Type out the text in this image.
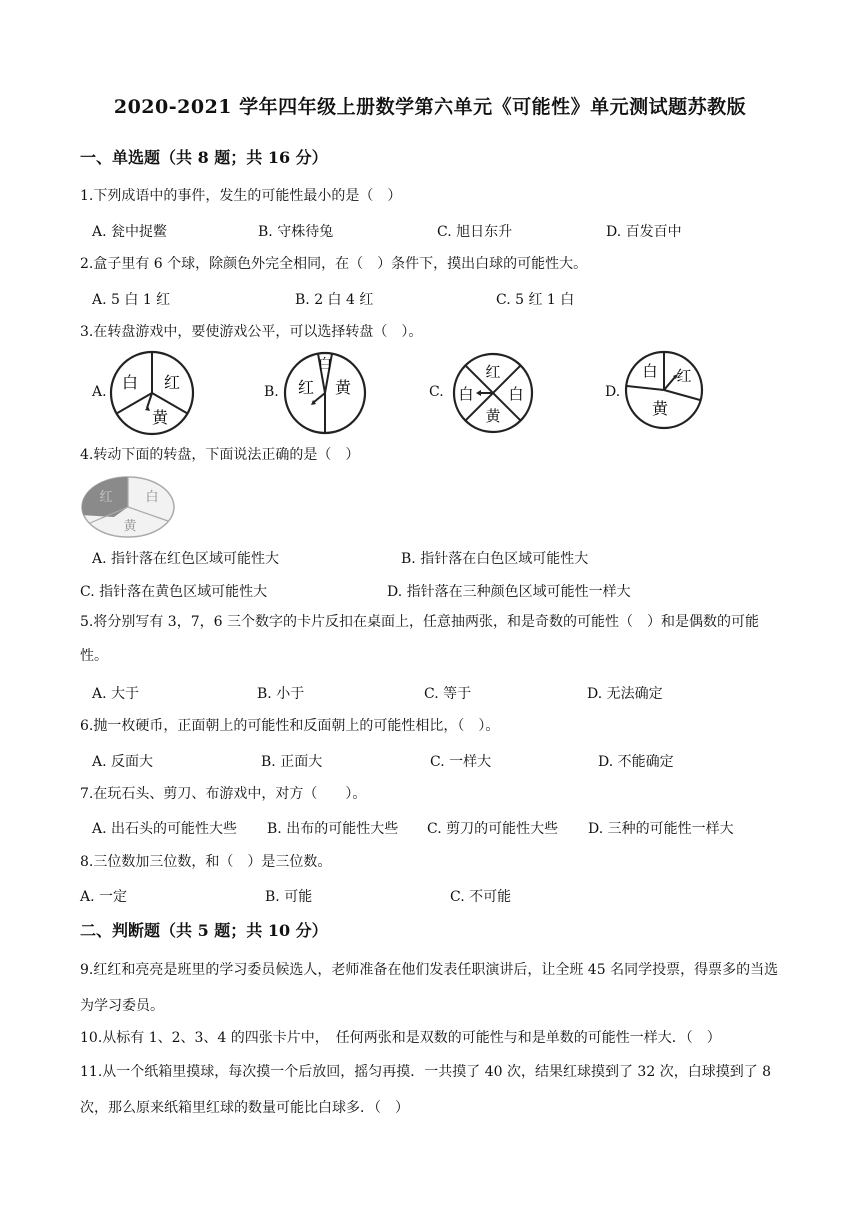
2020-2021 学年四年级上册数学第六单元《可能性》单元测试题苏教版
一、单选题（共 8 题；共 16 分）
1.下列成语中的事件，发生的可能性最小的是（　）
A. 瓮中捉鳖	B. 守株待兔	C. 旭日东升	D. 百发百中
2.盒子里有 6 个球，除颜色外完全相同，在（　）条件下，摸出白球的可能性大。
A. 5 白 1 红	B. 2 白 4 红	C. 5 红 1 白
3.在转盘游戏中，要使游戏公平，可以选择转盘（　）。
A.	B.	C.	D.
白 红
黄
白
红 黄
红
白 白
黄
白 红
黄
4.转动下面的转盘，下面说法正确的是（　）
红	白
黄
A. 指针落在红色区域可能性大	B. 指针落在白色区域可能性大
C. 指针落在黄色区域可能性大	D. 指针落在三种颜色区域可能性一样大
5.将分别写有 3，7，6 三个数字的卡片反扣在桌面上，任意抽两张，和是奇数的可能性（　）和是偶数的可能性。
A. 大于	B. 小于	C. 等于	D. 无法确定
6.抛一枚硬币，正面朝上的可能性和反面朝上的可能性相比，（　）。
A. 反面大	B. 正面大	C. 一样大	D. 不能确定
7.在玩石头、剪刀、布游戏中，对方（　　）。
A. 出石头的可能性大些 B. 出布的可能性大些 C. 剪刀的可能性大些 D. 三种的可能性一样大
8.三位数加三位数，和（　）是三位数。
A. 一定	B. 可能	C. 不可能
二、判断题（共 5 题；共 10 分）
9.红红和亮亮是班里的学习委员候选人，老师准备在他们发表任职演讲后，让全班 45 名同学投票，得票多的当选为学习委员。
10.从标有 1、2、3、4 的四张卡片中，　任何两张和是双数的可能性与和是单数的可能性一样大．（　）
11.从一个纸箱里摸球，每次摸一个后放回，摇匀再摸．一共摸了 40 次，结果红球摸到了 32 次，白球摸到了 8 次，那么原来纸箱里红球的数量可能比白球多．（　）
